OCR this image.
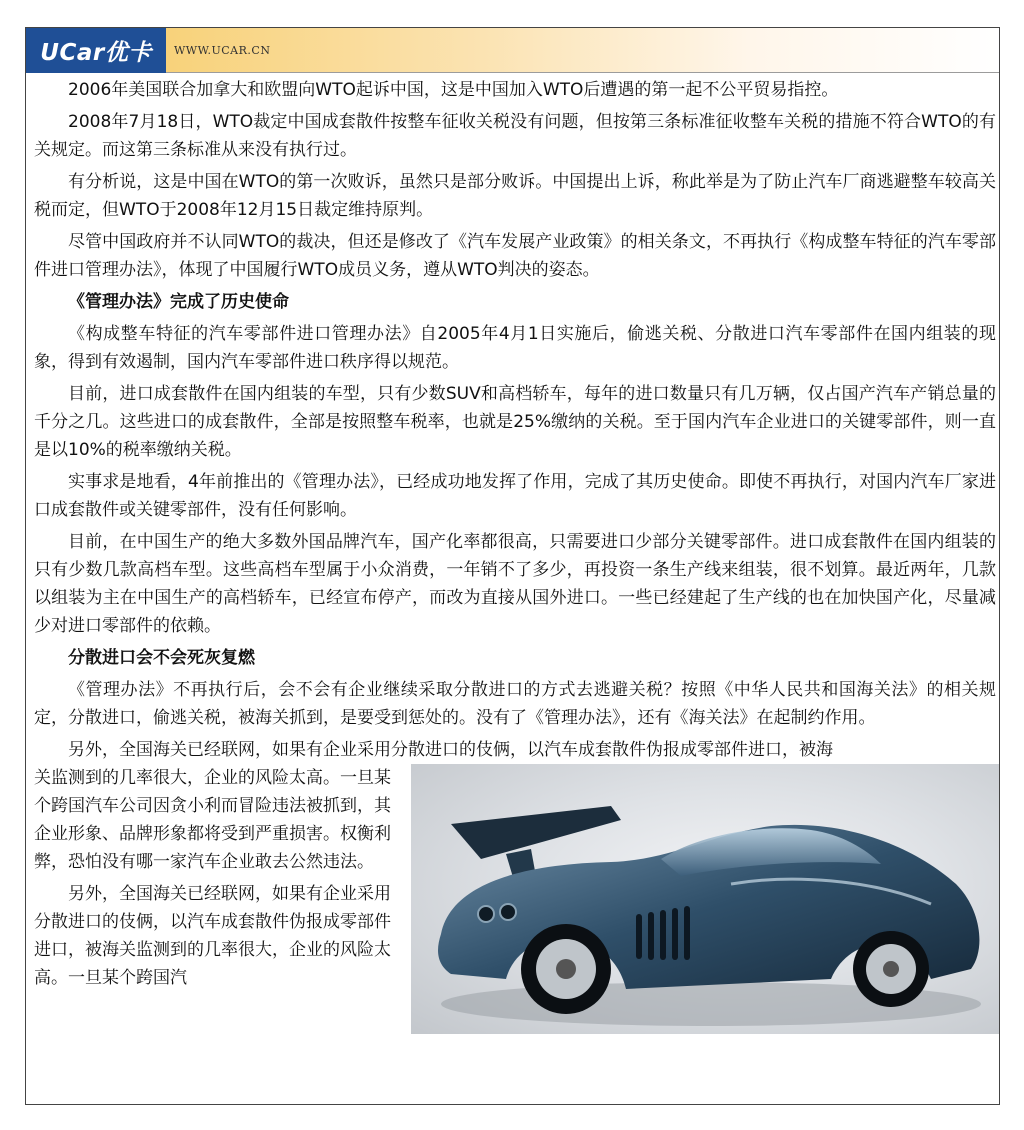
UCar优卡 WWW.UCAR.CN

2006年美国联合加拿大和欧盟向WTO起诉中国，这是中国加入WTO后遭遇的第一起不公平贸易指控。

2008年7月18日，WTO裁定中国成套散件按整车征收关税没有问题，但按第三条标准征收整车关税的措施不符合WTO的有关规定。而这第三条标准从来没有执行过。

有分析说，这是中国在WTO的第一次败诉，虽然只是部分败诉。中国提出上诉，称此举是为了防止汽车厂商逃避整车较高关税而定，但WTO于2008年12月15日裁定维持原判。

尽管中国政府并不认同WTO的裁决，但还是修改了《汽车发展产业政策》的相关条文，不再执行《构成整车特征的汽车零部件进口管理办法》，体现了中国履行WTO成员义务，遵从WTO判决的姿态。

《管理办法》完成了历史使命

《构成整车特征的汽车零部件进口管理办法》自2005年4月1日实施后，偷逃关税、分散进口汽车零部件在国内组装的现象，得到有效遏制，国内汽车零部件进口秩序得以规范。

目前，进口成套散件在国内组装的车型，只有少数SUV和高档轿车，每年的进口数量只有几万辆，仅占国产汽车产销总量的千分之几。这些进口的成套散件，全部是按照整车税率，也就是25%缴纳的关税。至于国内汽车企业进口的关键零部件，则一直是以10%的税率缴纳关税。

实事求是地看，4年前推出的《管理办法》，已经成功地发挥了作用，完成了其历史使命。即使不再执行，对国内汽车厂家进口成套散件或关键零部件，没有任何影响。

目前，在中国生产的绝大多数外国品牌汽车，国产化率都很高，只需要进口少部分关键零部件。进口成套散件在国内组装的只有少数几款高档车型。这些高档车型属于小众消费，一年销不了多少，再投资一条生产线来组装，很不划算。最近两年，几款以组装为主在中国生产的高档轿车，已经宣布停产，而改为直接从国外进口。一些已经建起了生产线的也在加快国产化，尽量减少对进口零部件的依赖。

分散进口会不会死灰复燃

《管理办法》不再执行后，会不会有企业继续采取分散进口的方式去逃避关税？按照《中华人民共和国海关法》的相关规定，分散进口，偷逃关税，被海关抓到，是要受到惩处的。没有了《管理办法》，还有《海关法》在起制约作用。

另外，全国海关已经联网，如果有企业采用分散进口的伎俩，以汽车成套散件伪报成零部件进口，被海

关监测到的几率很大，企业的风险太高。一旦某个跨国汽车公司因贪小利而冒险违法被抓到，其企业形象、品牌形象都将受到严重损害。权衡利弊，恐怕没有哪一家汽车企业敢去公然违法。

另外，全国海关已经联网，如果有企业采用分散进口的伎俩，以汽车成套散件伪报成零部件进口，被海关监测到的几率很大，企业的风险太高。一旦某个跨国汽
